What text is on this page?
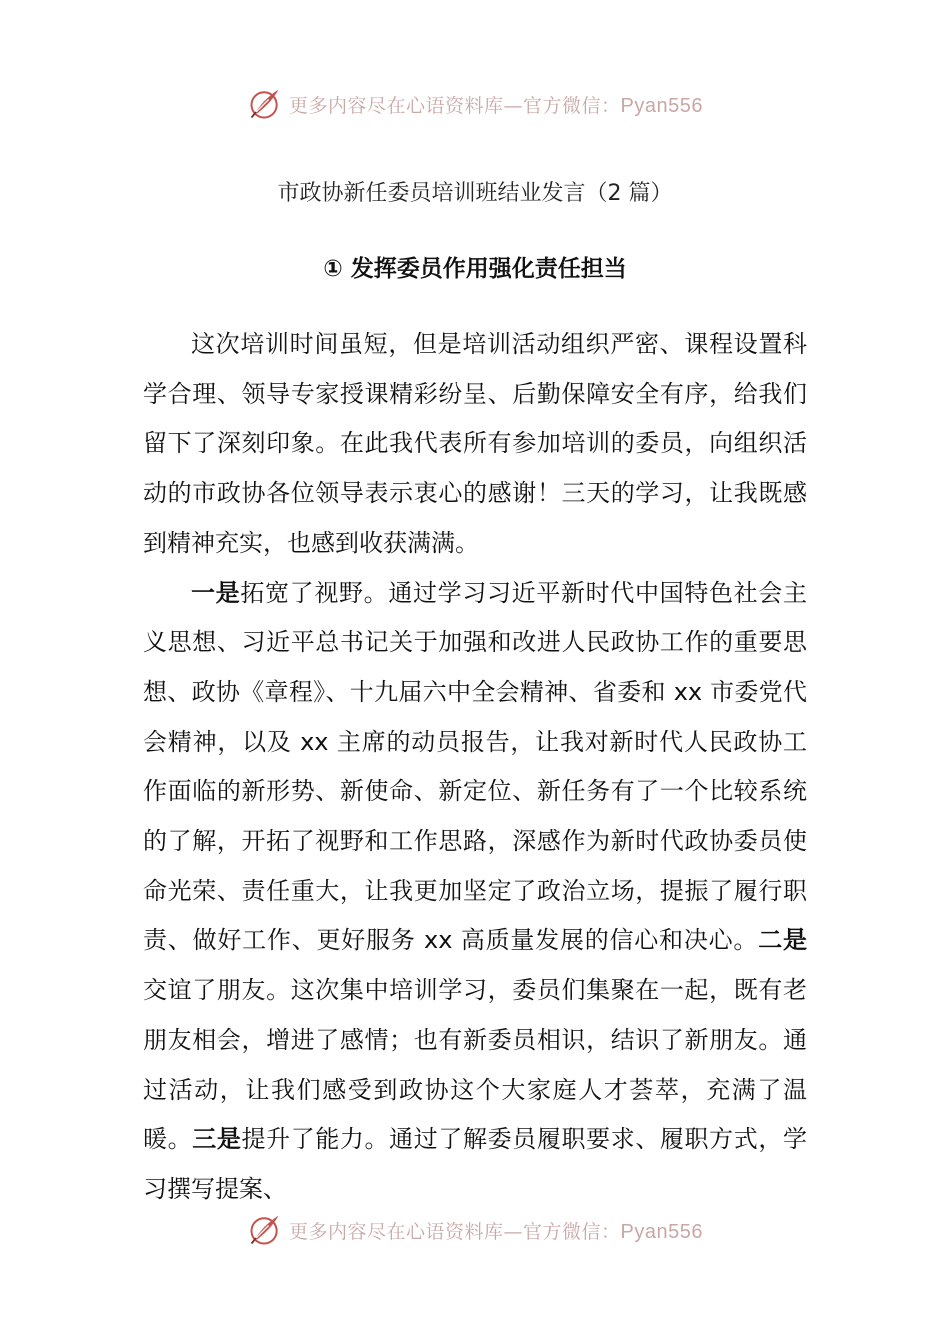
更多内容尽在心语资料库—官方微信：Pyan556
市政协新任委员培训班结业发言（2 篇）
① 发挥委员作用强化责任担当

这次培训时间虽短，但是培训活动组织严密、课程设置科学合理、领导专家授课精彩纷呈、后勤保障安全有序，给我们留下了深刻印象。在此我代表所有参加培训的委员，向组织活动的市政协各位领导表示衷心的感谢！三天的学习，让我既感到精神充实，也感到收获满满。

一是拓宽了视野。通过学习习近平新时代中国特色社会主义思想、习近平总书记关于加强和改进人民政协工作的重要思想、政协《章程》、十九届六中全会精神、省委和 xx 市委党代会精神，以及 xx 主席的动员报告，让我对新时代人民政协工作面临的新形势、新使命、新定位、新任务有了一个比较系统的了解，开拓了视野和工作思路，深感作为新时代政协委员使命光荣、责任重大，让我更加坚定了政治立场，提振了履行职责、做好工作、更好服务 xx 高质量发展的信心和决心。二是交谊了朋友。这次集中培训学习，委员们集聚在一起，既有老朋友相会，增进了感情；也有新委员相识，结识了新朋友。通过活动，让我们感受到政协这个大家庭人才荟萃，充满了温暖。三是提升了能力。通过了解委员履职要求、履职方式，学习撰写提案、

更多内容尽在心语资料库—官方微信：Pyan556
